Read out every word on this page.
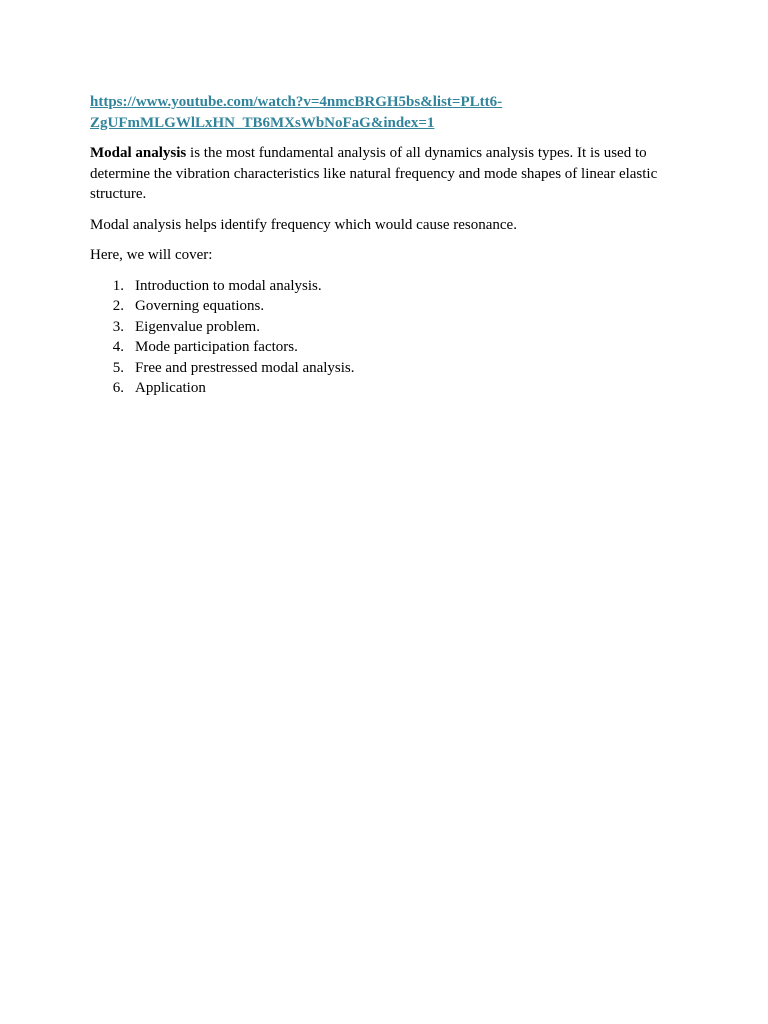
https://www.youtube.com/watch?v=4nmcBRGH5bs&list=PLtt6-
ZgUFmMLGWlLxHN_TB6MXsWbNoFaG&index=1

Modal analysis is the most fundamental analysis of all dynamics analysis types. It is used to determine the vibration characteristics like natural frequency and mode shapes of linear elastic structure.

Modal analysis helps identify frequency which would cause resonance.

Here, we will cover:

1. Introduction to modal analysis.
2. Governing equations.
3. Eigenvalue problem.
4. Mode participation factors.
5. Free and prestressed modal analysis.
6. Application
